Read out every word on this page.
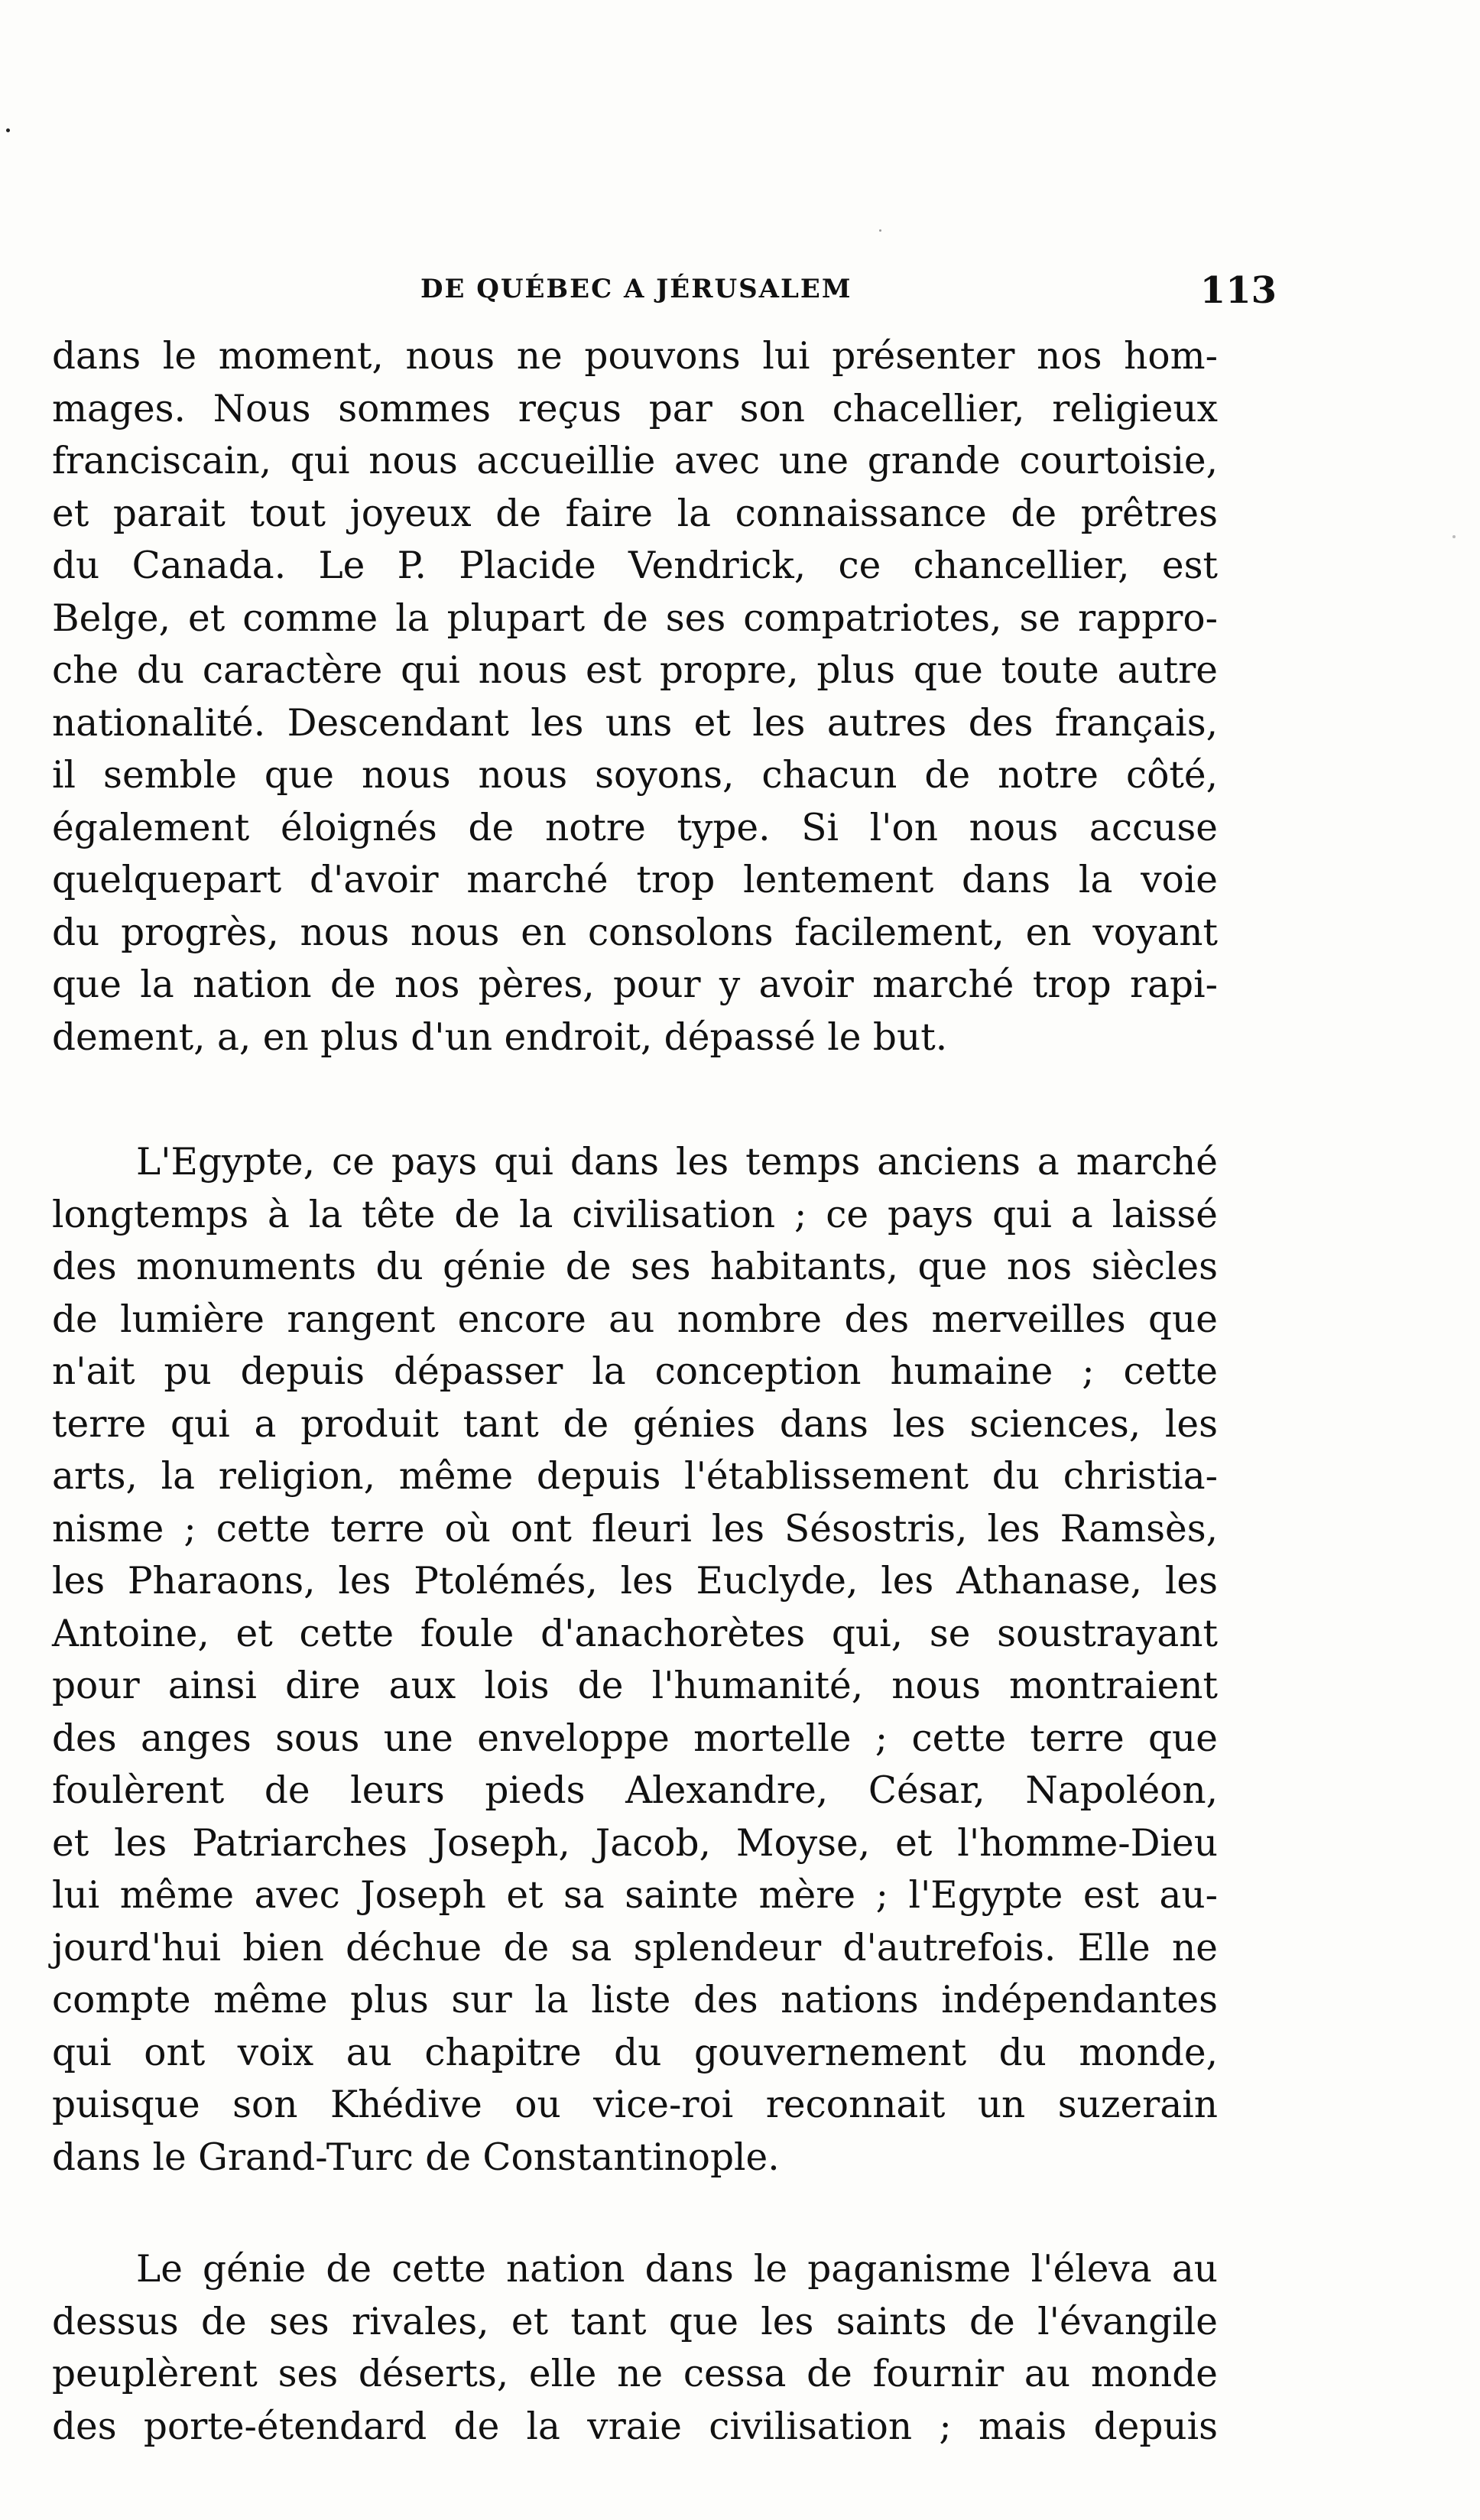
DE QUÉBEC A JÉRUSALEM	113
dans le moment, nous ne pouvons lui présenter nos hom-
mages. Nous sommes reçus par son chacellier, religieux
franciscain, qui nous accueillie avec une grande courtoisie,
et parait tout joyeux de faire la connaissance de prêtres
du Canada. Le P. Placide Vendrick, ce chancellier, est
Belge, et comme la plupart de ses compatriotes, se rappro-
che du caractère qui nous est propre, plus que toute autre
nationalité. Descendant les uns et les autres des français,
il semble que nous nous soyons, chacun de notre côté,
également éloignés de notre type. Si l'on nous accuse
quelquepart d'avoir marché trop lentement dans la voie
du progrès, nous nous en consolons facilement, en voyant
que la nation de nos pères, pour y avoir marché trop rapi-
dement, a, en plus d'un endroit, dépassé le but.
L'Egypte, ce pays qui dans les temps anciens a marché
longtemps à la tête de la civilisation ; ce pays qui a laissé
des monuments du génie de ses habitants, que nos siècles
de lumière rangent encore au nombre des merveilles que
n'ait pu depuis dépasser la conception humaine ; cette
terre qui a produit tant de génies dans les sciences, les
arts, la religion, même depuis l'établissement du christia-
nisme ; cette terre où ont fleuri les Sésostris, les Ramsès,
les Pharaons, les Ptolémés, les Euclyde, les Athanase, les
Antoine, et cette foule d'anachorètes qui, se soustrayant
pour ainsi dire aux lois de l'humanité, nous montraient
des anges sous une enveloppe mortelle ; cette terre que
foulèrent de leurs pieds Alexandre, César, Napoléon,
et les Patriarches Joseph, Jacob, Moyse, et l'homme-Dieu
lui même avec Joseph et sa sainte mère ; l'Egypte est au-
jourd'hui bien déchue de sa splendeur d'autrefois. Elle ne
compte même plus sur la liste des nations indépendantes
qui ont voix au chapitre du gouvernement du monde,
puisque son Khédive ou vice-roi reconnait un suzerain
dans le Grand-Turc de Constantinople.
Le génie de cette nation dans le paganisme l'éleva au
dessus de ses rivales, et tant que les saints de l'évangile
peuplèrent ses déserts, elle ne cessa de fournir au monde
des porte-étendard de la vraie civilisation ; mais depuis
